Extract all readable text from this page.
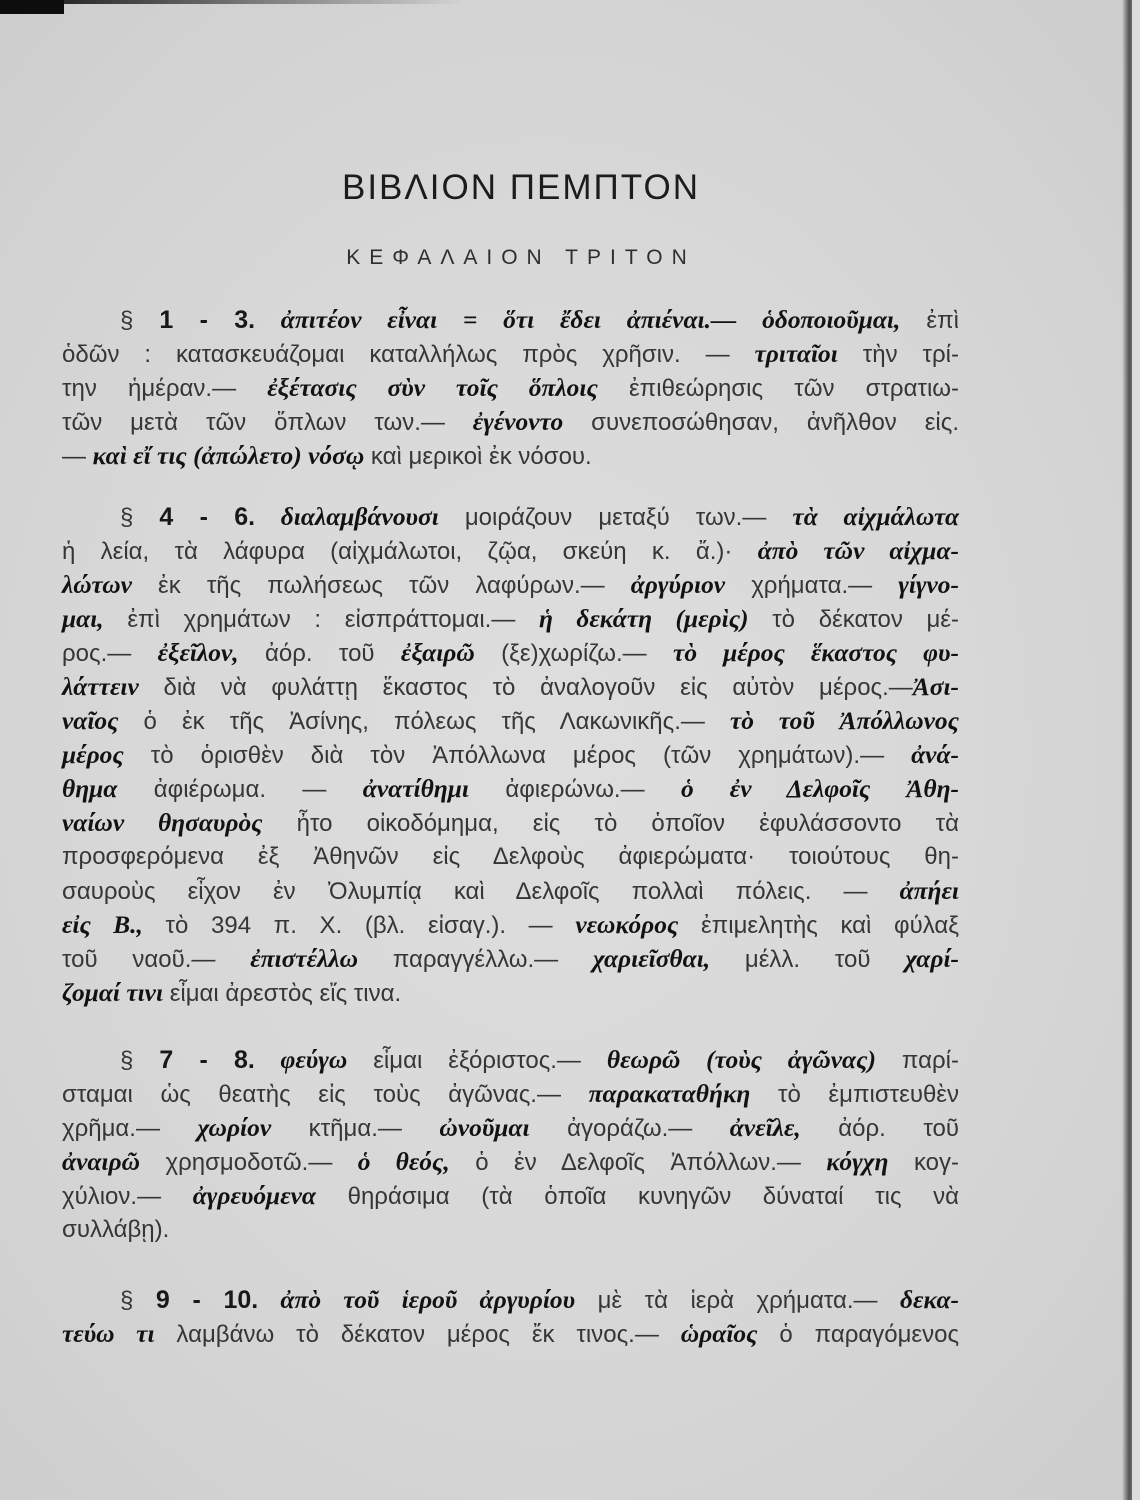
ΒΙΒΛΙΟΝ ΠΕΜΠΤΟΝ
ΚΕΦΑΛΑΙΟΝ ΤΡΙΤΟΝ
§ 1 - 3. ἀπιτέον εἶναι = ὅτι ἔδει ἀπιέναι.— ὁδοποιοῦμαι, ἐπὶ
ὁδῶν : κατασκευάζομαι καταλλήλως πρὸς χρῆσιν. — τριταῖοι τὴν τρί-
την ἡμέραν.— ἐξέτασις σὺν τοῖς ὅπλοις ἐπιθεώρησις τῶν στρατιω-
τῶν μετὰ τῶν ὅπλων των.— ἐγένοντο συνεποσώθησαν, ἀνῆλθον εἰς.
— καὶ εἴ τις (ἀπώλετο) νόσῳ καὶ μερικοὶ ἐκ νόσου.
§ 4 - 6. διαλαμβάνουσι μοιράζουν μεταξύ των.— τὰ αἰχμάλωτα
ἡ λεία, τὰ λάφυρα (αἰχμάλωτοι, ζῷα, σκεύη κ. ἄ.)· ἀπὸ τῶν αἰχμα-
λώτων ἐκ τῆς πωλήσεως τῶν λαφύρων.— ἀργύριον χρήματα.— γίγνο-
μαι, ἐπὶ χρημάτων : εἰσπράττομαι.— ἡ δεκάτη (μερὶς) τὸ δέκατον μέ-
ρος.— ἐξεῖλον, ἀόρ. τοῦ ἐξαιρῶ (ξε)χωρίζω.— τὸ μέρος ἕκαστος φυ-
λάττειν διὰ νὰ φυλάττῃ ἕκαστος τὸ ἀναλογοῦν εἰς αὐτὸν μέρος.—Ἀσι-
ναῖος ὁ ἐκ τῆς Ἀσίνης, πόλεως τῆς Λακωνικῆς.— τὸ τοῦ Ἀπόλλωνος
μέρος τὸ ὁρισθὲν διὰ τὸν Ἀπόλλωνα μέρος (τῶν χρημάτων).— ἀνά-
θημα ἀφιέρωμα. — ἀνατίθημι ἀφιερώνω.— ὁ ἐν Δελφοῖς Ἀθη-
ναίων θησαυρὸς ἦτο οἰκοδόμημα, εἰς τὸ ὁποῖον ἐφυλάσσοντο τὰ
προσφερόμενα ἐξ Ἀθηνῶν εἰς Δελφοὺς ἀφιερώματα· τοιούτους θη-
σαυροὺς εἶχον ἐν Ὀλυμπίᾳ καὶ Δελφοῖς πολλαὶ πόλεις. — ἀπήει
εἰς Β., τὸ 394 π. Χ. (βλ. εἰσαγ.). — νεωκόρος ἐπιμελητὴς καὶ φύλαξ
τοῦ ναοῦ.— ἐπιστέλλω παραγγέλλω.— χαριεῖσθαι, μέλλ. τοῦ χαρί-
ζομαί τινι εἶμαι ἀρεστὸς εἴς τινα.
§ 7 - 8. φεύγω εἶμαι ἐξόριστος.— θεωρῶ (τοὺς ἀγῶνας) παρί-
σταμαι ὡς θεατὴς εἰς τοὺς ἀγῶνας.— παρακαταθήκη τὸ ἐμπιστευθὲν
χρῆμα.— χωρίον κτῆμα.— ὠνοῦμαι ἀγοράζω.— ἀνεῖλε, ἀόρ. τοῦ
ἀναιρῶ χρησμοδοτῶ.— ὁ θεός, ὁ ἐν Δελφοῖς Ἀπόλλων.— κόγχη κογ-
χύλιον.— ἀγρευόμενα θηράσιμα (τὰ ὁποῖα κυνηγῶν δύναταί τις νὰ
συλλάβῃ).
§ 9 - 10. ἀπὸ τοῦ ἱεροῦ ἀργυρίου μὲ τὰ ἱερὰ χρήματα.— δεκα-
τεύω τι λαμβάνω τὸ δέκατον μέρος ἔκ τινος.— ὡραῖος ὁ παραγόμενος
